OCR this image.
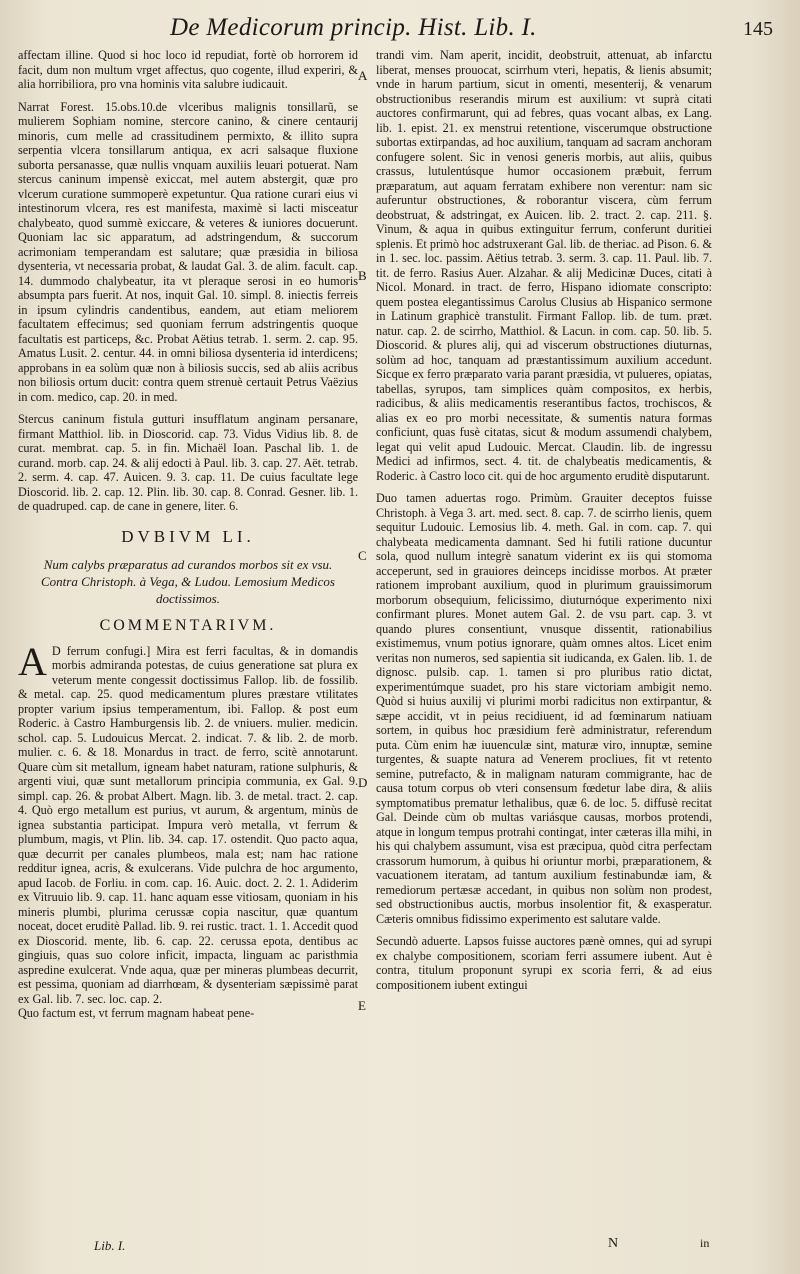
De Medicorum princip. Hist. Lib. I.	145

affectam illine. Quod si hoc loco id repudiat, fortè ob horrorem id facit, dum non multum vrget affectus, quo cogente, illud experiri, & alia horribiliora, pro vna hominis vita salubre iudicauit.

Narrat Forest. 15.obs.10.de vlceribus malignis tonsillarũ, se mulierem Sophiam nomine, stercore canino, & cinere centaurij minoris, cum melle ad crassitudinem permixto, & illito supra serpentia vlcera tonsillarum antiqua, ex acri salsaque fluxione suborta persanasse, quæ nullis vnquam auxiliis leuari potuerat. Nam stercus caninum impensè exiccat, mel autem abstergit, quæ pro vlcerum curatione summoperè expetuntur. Qua ratione curari eius vi intestinorum vlcera, res est manifesta, maximè si lacti misceatur chalybeato, quod summè exiccare, & veteres & iuniores docuerunt. Quoniam lac sic apparatum, ad adstringendum, & succorum acrimoniam temperandam est salutare; quæ præsidia in biliosa dysenteria, vt necessaria probat, & laudat Gal. 3. de alim. facult. cap. 14. dummodo chalybeatur, ita vt pleraque serosi in eo humoris absumpta pars fuerit. At nos, inquit Gal. 10. simpl. 8. iniectis ferreis in ipsum cylindris candentibus, eandem, aut etiam meliorem facultatem effecimus; sed quoniam ferrum adstringentis quoque facultatis est particeps, &c. Probat Aëtius tetrab. 1. serm. 2. cap. 95. Amatus Lusit. 2. centur. 44. in omni biliosa dysenteria id interdicens; approbans in ea solùm quæ non à biliosis succis, sed ab aliis acribus non biliosis ortum ducit: contra quem strenuè certauit Petrus Vaëzius in com. medico, cap. 20. in med.

Stercus caninum fistula gutturi insufflatum anginam persanare, firmant Matthiol. lib. in Dioscorid. cap. 73. Vidus Vidius lib. 8. de curat. membrat. cap. 5. in fin. Michaël Ioan. Paschal lib. 1. de curand. morb. cap. 24. & alij edocti à Paul. lib. 3. cap. 27. Aët. tetrab. 2. serm. 4. cap. 47. Auicen. 9. 3. cap. 11. De cuius facultate lege Dioscorid. lib. 2. cap. 12. Plin. lib. 30. cap. 8. Conrad. Gesner. lib. 1. de quadruped. cap. de cane in genere, liter. 6.

DVBIVM LI.
Num calybs præparatus ad curandos morbos sit ex vsu. Contra Christoph. à Vega, & Ludou. Lemosium Medicos doctissimos.
COMMENTARIVM.

A D ferrum confugi.] Mira est ferri facultas, & in domandis morbis admiranda potestas, de cuius generatione sat plura ex veterum mente congessit doctissimus Fallop. lib. de fossilib. & metal. cap. 25. quod medicamentum plures præstare vtilitates propter varium ipsius temperamentum, ibi. Fallop. & post eum Roderic. à Castro Hamburgensis lib. 2. de vniuers. mulier. medicin. schol. cap. 5. Ludouicus Mercat. 2. indicat. 7. & lib. 2. de morb. mulier. c. 6. & 18. Monardus in tract. de ferro, scitè annotarunt. Quare cùm sit metallum, igneam habet naturam, ratione sulphuris, & argenti viui, quæ sunt metallorum principia communia, ex Gal. 9. simpl. cap. 26. & probat Albert. Magn. lib. 3. de metal. tract. 2. cap. 4. Quò ergo metallum est purius, vt aurum, & argentum, minùs de ignea substantia participat. Impura verò metalla, vt ferrum & plumbum, magis, vt Plin. lib. 34. cap. 17. ostendit. Quo pacto aqua, quæ decurrit per canales plumbeos, mala est; nam hac ratione redditur ignea, acris, & exulcerans. Vide pulchra de hoc argumento, apud Iacob. de Forliu. in com. cap. 16. Auic. doct. 2. 2. 1. Adiderim ex Vitruuio lib. 9. cap. 11. hanc aquam esse vitiosam, quoniam in his mineris plumbi, plurima cerussæ copia nascitur, quæ quantum noceat, docet eruditè Pallad. lib. 9. rei rustic. tract. 1. 1. Accedit quod ex Dioscorid. mente, lib. 6. cap. 22. cerussa epota, dentibus ac gingiuis, quas suo colore inficit, impacta, linguam ac paristhmia aspredine exulcerat. Vnde aqua, quæ per mineras plumbeas decurrit, est pessima, quoniam ad diarrhœam, & dysenteriam sæpissimè parat ex Gal. lib. 7. sec. loc. cap. 2.

Quo factum est, vt ferrum magnam habeat pene-

trandi vim. Nam aperit, incidit, deobstruit, attenuat, ab infarctu liberat, menses prouocat, scirrhum vteri, hepatis, & lienis absumit; vnde in harum partium, sicut in omenti, mesenterij, & venarum obstructionibus reserandis mirum est auxilium: vt suprà citati auctores confirmarunt, qui ad febres, quas vocant albas, ex Lang. lib. 1. epist. 21. ex menstrui retentione, viscerumque obstructione subortas extirpandas, ad hoc auxilium, tanquam ad sacram anchoram confugere solent. Sic in venosi generis morbis, aut aliis, quibus crassus, lutulentúsque humor occasionem præbuit, ferrum præparatum, aut aquam ferratam exhibere non verentur: nam sic auferuntur obstructiones, & roborantur viscera, cùm ferrum deobstruat, & adstringat, ex Auicen. lib. 2. tract. 2. cap. 211. §. Vinum, & aqua in quibus extinguitur ferrum, conferunt duritiei splenis. Et primò hoc adstruxerant Gal. lib. de theriac. ad Pison. 6. & in 1. sec. loc. passim. Aëtius tetrab. 3. serm. 3. cap. 11. Paul. lib. 7. tit. de ferro. Rasius Auer. Alzahar. & alij Medicinæ Duces, citati à Nicol. Monard. in tract. de ferro, Hispano idiomate conscripto: quem postea elegantissimus Carolus Clusius ab Hispanico sermone in Latinum graphicè transtulit. Firmant Fallop. lib. de tum. præt. natur. cap. 2. de scirrho, Matthiol. & Lacun. in com. cap. 50. lib. 5. Dioscorid. & plures alij, qui ad viscerum obstructiones diuturnas, solùm ad hoc, tanquam ad præstantissimum auxilium accedunt. Sicque ex ferro præparato varia parant præsidia, vt pulueres, opiatas, tabellas, syrupos, tam simplices quàm compositos, ex herbis, radicibus, & aliis medicamentis reserantibus factos, trochiscos, & alias ex eo pro morbi necessitate, & sumentis natura formas conficiunt, quas fusè citatas, sicut & modum assumendi chalybem, legat qui velit apud Ludouic. Mercat. Claudin. lib. de ingressu Medici ad infirmos, sect. 4. tit. de chalybeatis medicamentis, & Roderic. à Castro loco cit. qui de hoc argumento eruditè disputarunt.

Duo tamen aduertas rogo. Primùm. Grauiter deceptos fuisse Christoph. à Vega 3. art. med. sect. 8. cap. 7. de scirrho lienis, quem sequitur Ludouic. Lemosius lib. 4. meth. Gal. in com. cap. 7. qui chalybeata medicamenta damnant. Sed hi futili ratione ducuntur sola, quod nullum integrè sanatum viderint ex iis qui stomoma acceperunt, sed in grauiores deinceps incidisse morbos. At præter rationem improbant auxilium, quod in plurimum grauissimorum morborum obsequium, felicissimo, diuturnóque experimento nixi confirmant plures. Monet autem Gal. 2. de vsu part. cap. 3. vt quando plures consentiunt, vnusque dissentit, rationabilius existimemus, vnum potius ignorare, quàm omnes altos. Licet enim veritas non numeros, sed sapientia sit iudicanda, ex Galen. lib. 1. de dignosc. pulsib. cap. 1. tamen si pro pluribus ratio dictat, experimentúmque suadet, pro his stare victoriam ambigit nemo. Quòd si huius auxilij vi plurimi morbi radicitus non extirpantur, & sæpe accidit, vt in peius recidiuent, id ad fœminarum natiuam sortem, in quibus hoc præsidium ferè administratur, referendum puta. Cùm enim hæ iuuenculæ sint, maturæ viro, innuptæ, semine turgentes, & suapte natura ad Venerem procliues, fit vt retento semine, putrefacto, & in malignam naturam commigrante, hac de causa totum corpus ob vteri consensum fœdetur labe dira, & aliis symptomatibus prematur lethalibus, quæ 6. de loc. 5. diffusè recitat Gal. Deinde cùm ob multas variásque causas, morbos protendi, atque in longum tempus protrahi contingat, inter cæteras illa mihi, in his qui chalybem assumunt, visa est præcipua, quòd citra perfectam crassorum humorum, à quibus hi oriuntur morbi, præparationem, & vacuationem iteratam, ad tantum auxilium festinabundæ iam, & remediorum pertæsæ accedant, in quibus non solùm non prodest, sed obstructionibus auctis, morbus insolentior fit, & exasperatur. Cæteris omnibus fidissimo experimento est salutare valde.

Secundò aduerte. Lapsos fuisse auctores pænè omnes, qui ad syrupi ex chalybe compositionem, scoriam ferri assumere iubent. Aut è contra, titulum proponunt syrupi ex scoria ferri, & ad eius compositionem iubent extingui

A
B
C
D
E
Lib. I.	N	in
